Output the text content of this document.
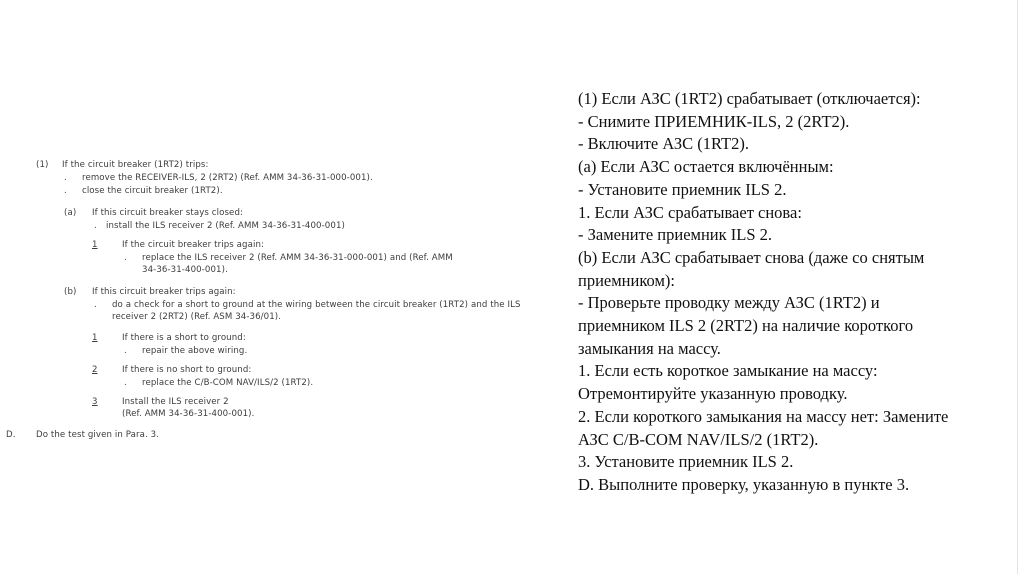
(1) If the circuit breaker (1RT2) trips:
. remove the RECEIVER-ILS, 2 (2RT2) (Ref. AMM 34-36-31-000-001).
. close the circuit breaker (1RT2).
(a) If this circuit breaker stays closed:
. install the ILS receiver 2 (Ref. AMM 34-36-31-400-001)
1	If the circuit breaker trips again:
. replace the ILS receiver 2 (Ref. AMM 34-36-31-000-001) and (Ref. AMM
34-36-31-400-001).
(b) If this circuit breaker trips again:
. do a check for a short to ground at the wiring between the circuit breaker (1RT2) and the ILS
receiver 2 (2RT2) (Ref. ASM 34-36/01).
1	If there is a short to ground:
. repair the above wiring.
2	If there is no short to ground:
. replace the C/B-COM NAV/ILS/2 (1RT2).
3	Install the ILS receiver 2
(Ref. AMM 34-36-31-400-001).
D. Do the test given in Para. 3.
(1) Если АЗС (1RT2) срабатывает (отключается):
- Снимите ПРИЕМНИК-ILS, 2 (2RT2).
- Включите АЗС (1RT2).
(a) Если АЗС остается включённым:
- Установите приемник ILS 2.
1. Если АЗС срабатывает снова:
- Замените приемник ILS 2.
(b) Если АЗС срабатывает снова (даже со снятым
приемником):
- Проверьте проводку между АЗС (1RT2) и
приемником ILS 2 (2RT2) на наличие короткого
замыкания на массу.
1. Если есть короткое замыкание на массу:
Отремонтируйте указанную проводку.
2. Если короткого замыкания на массу нет: Замените
АЗС C/B-COM NAV/ILS/2 (1RT2).
3. Установите приемник ILS 2.
D. Выполните проверку, указанную в пункте 3.
